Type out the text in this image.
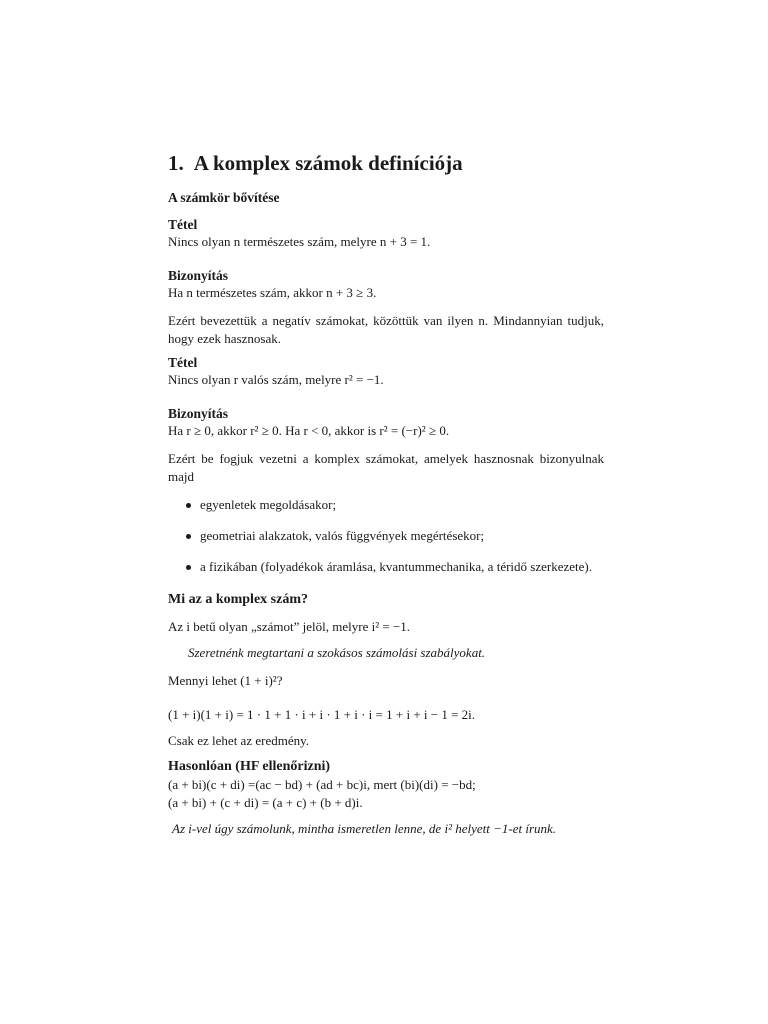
1. A komplex számok definíciója
A számkör bővítése
Tétel

Nincs olyan n természetes szám, melyre n + 3 = 1.

Bizonyítás

Ha n természetes szám, akkor n + 3 ≥ 3.

Ezért bevezettük a negatív számokat, közöttük van ilyen n. Mindannyian tudjuk, hogy ezek hasznosak.

Tétel

Nincs olyan r valós szám, melyre r² = −1.

Bizonyítás

Ha r ≥ 0, akkor r² ≥ 0. Ha r < 0, akkor is r² = (−r)² ≥ 0.

Ezért be fogjuk vezetni a komplex számokat, amelyek hasznosnak bizonyulnak majd

egyenletek megoldásakor;
geometriai alakzatok, valós függvények megértésekor;
a fizikában (folyadékok áramlása, kvantummechanika, a téridő szerkezete).
Mi az a komplex szám?

Az i betű olyan „számot” jelöl, melyre i² = −1.

Szeretnénk megtartani a szokásos számolási szabályokat.

Mennyi lehet (1 + i)²?

(1 + i)(1 + i) = 1 · 1 + 1 · i + i · 1 + i · i = 1 + i + i − 1 = 2i.

Csak ez lehet az eredmény.

Hasonlóan (HF ellenőrizni)

(a + bi)(c + di) =(ac − bd) + (ad + bc)i, mert (bi)(di) = −bd;

(a + bi) + (c + di) = (a + c) + (b + d)i.

Az i-vel úgy számolunk, mintha ismeretlen lenne, de i² helyett −1-et írunk.
